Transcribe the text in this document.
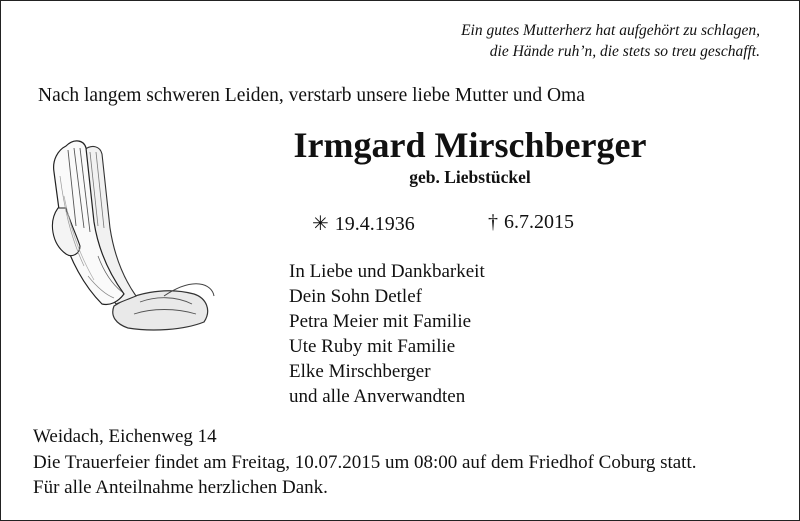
Ein gutes Mutterherz hat aufgehört zu schlagen,
die Hände ruh’n, die stets so treu geschafft.
Nach langem schweren Leiden, verstarb unsere liebe Mutter und Oma
Irmgard Mirschberger
geb. Liebstückel
✳ 19.4.1936	† 6.7.2015
In Liebe und Dankbarkeit
Dein Sohn Detlef
Petra Meier mit Familie
Ute Ruby mit Familie
Elke Mirschberger
und alle Anverwandten
Weidach, Eichenweg 14
Die Trauerfeier findet am Freitag, 10.07.2015 um 08:00 auf dem Friedhof Coburg statt.
Für alle Anteilnahme herzlichen Dank.
